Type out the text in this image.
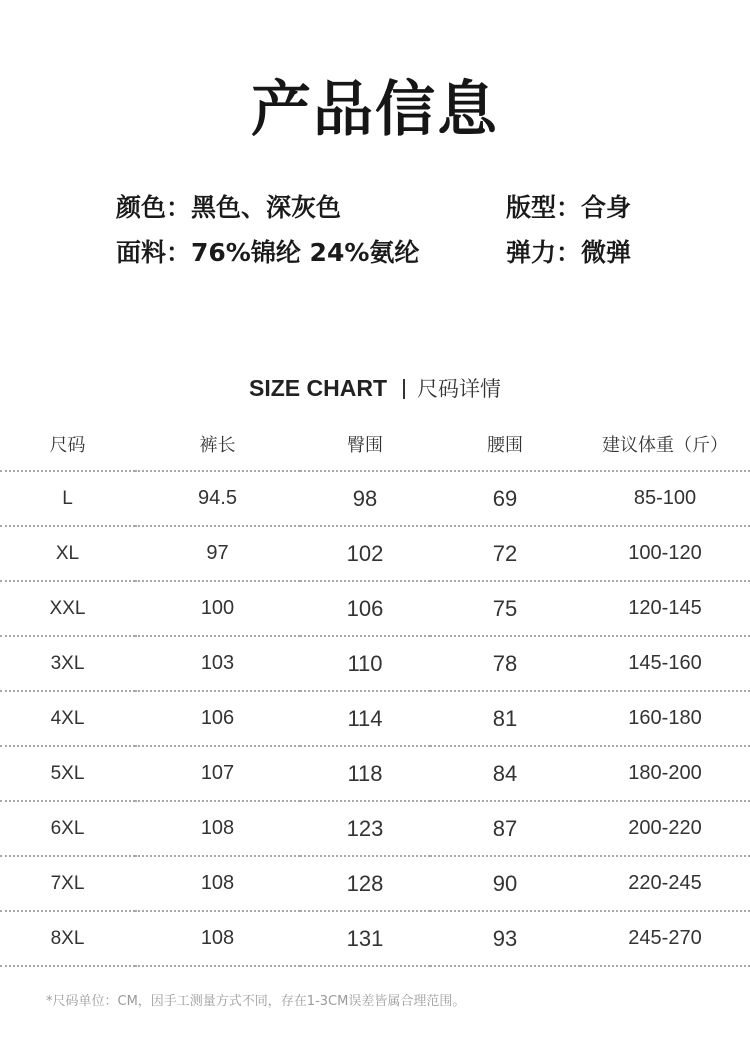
产品信息
颜色：黑色、深灰色	版型：合身
面料：76%锦纶 24%氨纶	弹力：微弹
SIZE CHART 尺码详情
尺码	裤长	臀围	腰围	建议体重（斤）
L	94.5	98	69	85-100
XL	97	102	72	100-120
XXL	100	106	75	120-145
3XL	103	110	78	145-160
4XL	106	114	81	160-180
5XL	107	118	84	180-200
6XL	108	123	87	200-220
7XL	108	128	90	220-245
8XL	108	131	93	245-270
*尺码单位：CM，因手工测量方式不同，存在1-3CM误差皆属合理范围。
